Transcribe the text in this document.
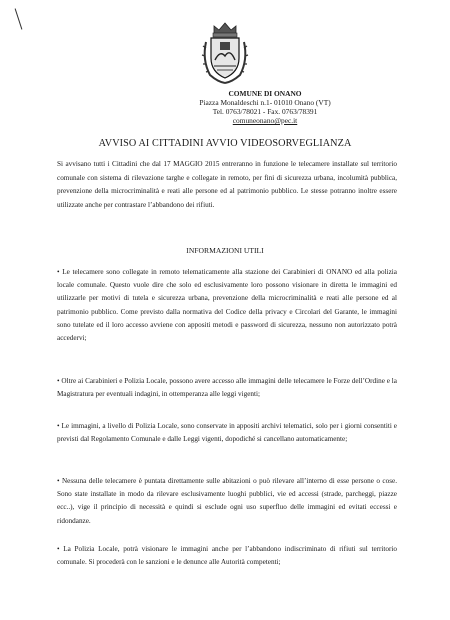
COMUNE DI ONANO
Piazza Monaldeschi n.1- 01010 Onano (VT)
Tel. 0763/78021 - Fax. 0763/78391
comuneonano@pec.it
AVVISO AI CITTADINI AVVIO VIDEOSORVEGLIANZA
Si avvisano tutti i Cittadini che dal 17 MAGGIO 2015 entreranno in funzione le telecamere installate sul territorio comunale con sistema di rilevazione targhe e collegate in remoto, per fini di sicurezza urbana, incolumità pubblica, prevenzione della microcriminalità e reati alle persone ed al patrimonio pubblico. Le stesse potranno inoltre essere utilizzate anche per contrastare l’abbandono dei rifiuti.
INFORMAZIONI UTILI
• Le telecamere sono collegate in remoto telematicamente alla stazione dei Carabinieri di ONANO ed alla polizia locale comunale. Questo vuole dire che solo ed esclusivamente loro possono visionare in diretta le immagini ed utilizzarle per motivi di tutela e sicurezza urbana, prevenzione della microcriminalità e reati alle persone ed al patrimonio pubblico. Come previsto dalla normativa del Codice della privacy e Circolari del Garante, le immagini sono tutelate ed il loro accesso avviene con appositi metodi e password di sicurezza, nessuno non autorizzato potrà accedervi;
• Oltre ai Carabinieri e Polizia Locale, possono avere accesso alle immagini delle telecamere le Forze dell’Ordine e la Magistratura per eventuali indagini, in ottemperanza alle leggi vigenti;
• Le immagini, a livello di Polizia Locale, sono conservate in appositi archivi telematici, solo per i giorni consentiti e previsti dal Regolamento Comunale e dalle Leggi vigenti, dopodiché si cancellano automaticamente;
• Nessuna delle telecamere è puntata direttamente sulle abitazioni o può rilevare all’interno di esse persone o cose. Sono state installate in modo da rilevare esclusivamente luoghi pubblici, vie ed accessi (strade, parcheggi, piazze ecc..), vige il principio di necessità e quindi si esclude ogni uso superfluo delle immagini ed evitati eccessi e ridondanze.
• La Polizia Locale, potrà visionare le immagini anche per l’abbandono indiscriminato di rifiuti sul territorio comunale. Si procederà con le sanzioni e le denunce alle Autorità competenti;
